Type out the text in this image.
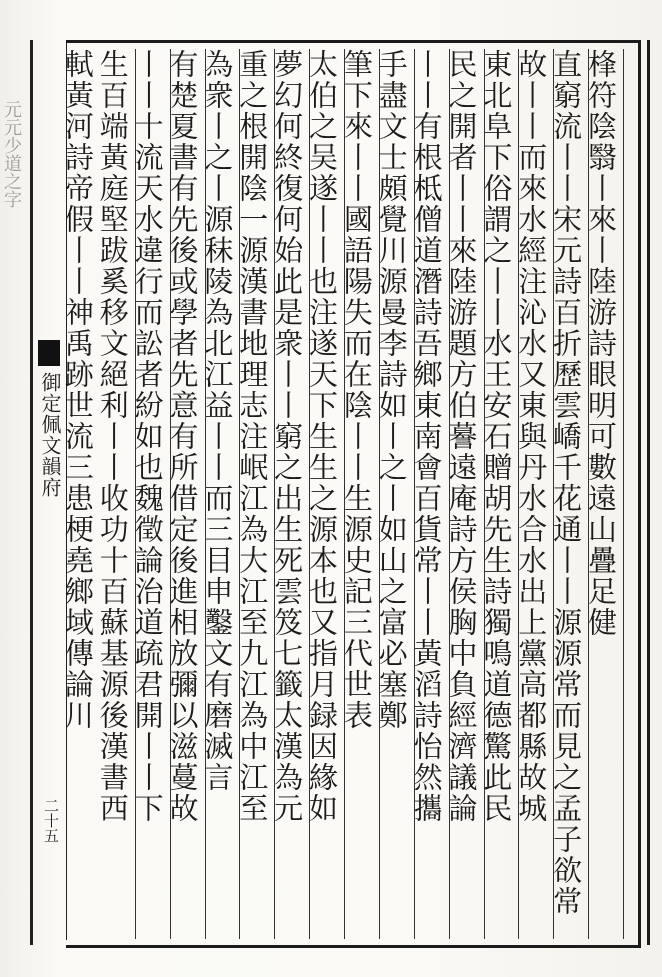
元元少道之字
御定佩文韻府
二十五
桻符陰翳丨來丨陸游詩眼明可數遠山疊足健
直窮流丨丨宋元詩百折歷雲嶠千花通丨丨源源常而見之孟子欲常
故丨丨而來水經注沁水又東與丹水合水出上黨高都縣故城
東北阜下俗謂之丨丨水王安石贈胡先生詩獨鳴道德驚此民
民之開者丨丨來陸游題方伯謩遠庵詩方侯胸中負經濟議論
丨丨有根柢僧道潛詩吾鄉東南會百貨常丨丨黃滔詩怡然攜
手盡文士頗覺川源曼李詩如丨之丨如山之富必塞鄭
筆下來丨丨國語陽失而在陰丨丨生源史記三代世表
太伯之吴遂丨丨也注遂天下生生之源本也又指月録因緣如
夢幻何終復何始此是衆丨丨窮之出生死雲笈七籤太漢為元
重之根開陰一源漢書地理志注岷江為大江至九江為中江至
為衆丨之丨源秣陵為北江益丨丨而三目申鑿文有磨滅言
有楚夏書有先後或學者先意有所借定後進相放彌以滋蔓故
丨丨十流天水違行而訟者紛如也魏徵論治道疏君開丨丨下
生百端黃庭堅跋奚移文絕利丨丨收功十百蘇基源後漢書西
軾黃河詩帝假丨丨神禹跡世流三患梗堯鄉域傳論川
